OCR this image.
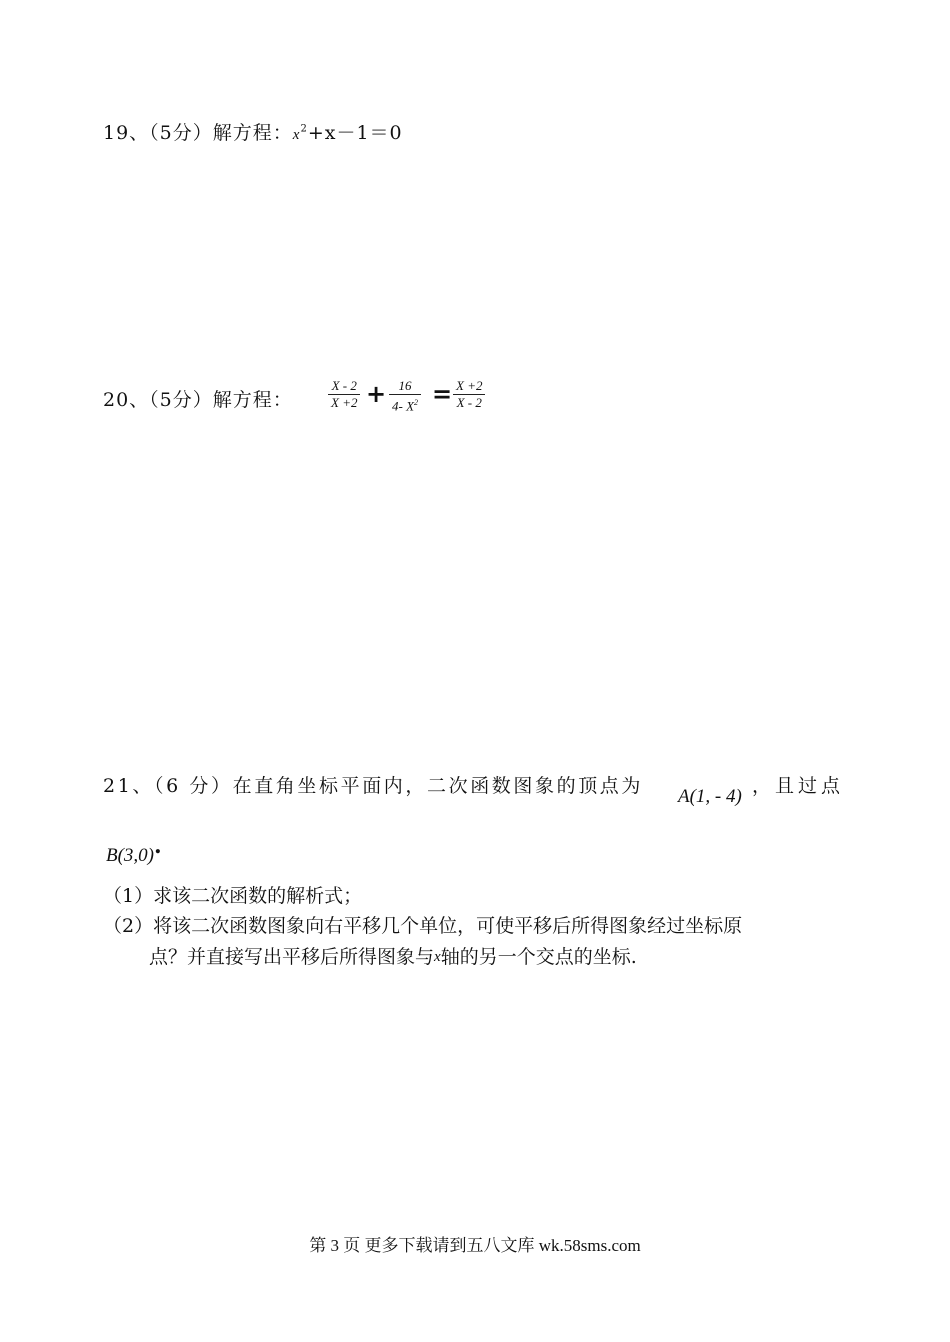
19、（5分）解方程：$x^2+x-1=0$
20、（5分）解方程：
X - 2
X +2 + 16
4- $X^2 = X +2$
X - 2
21、（6 分）在直角坐标平面内，二次函数图象的顶点为 A(1, - 4) ，且过点
B(3,0).
（1）求该二次函数的解析式；
（2）将该二次函数图象向右平移几个单位，可使平移后所得图象经过坐标原
点？并直接写出平移后所得图象与x轴的另一个交点的坐标.
第 3 页 更多下载请到五八文库 wk.58sms.com
